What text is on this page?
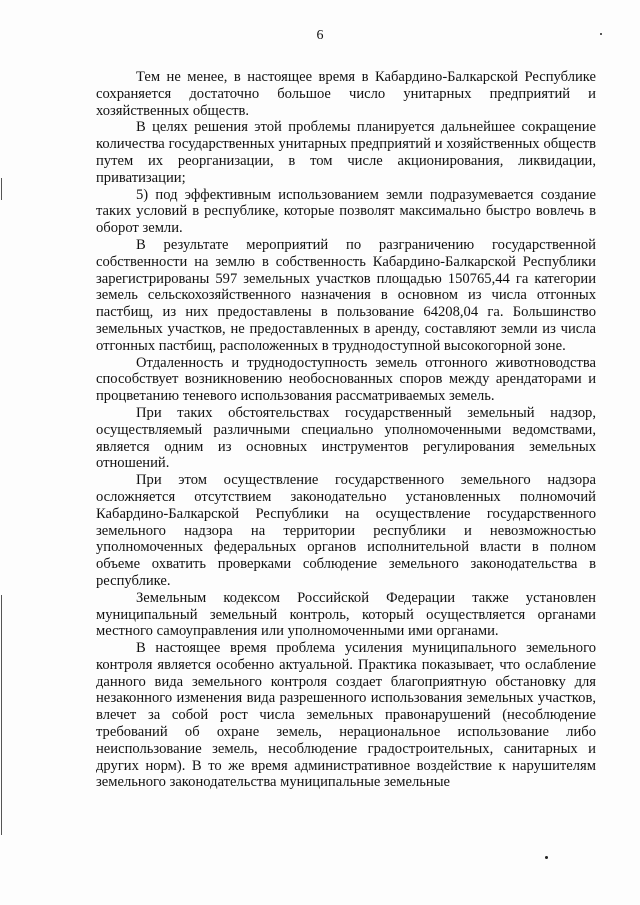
6

Тем не менее, в настоящее время в Кабардино-Балкарской Республике сохраняется достаточно большое число унитарных предприятий и хозяйственных обществ.

В целях решения этой проблемы планируется дальнейшее сокращение количества государственных унитарных предприятий и хозяйственных обществ путем их реорганизации, в том числе акционирования, ликвидации, приватизации;

5) под эффективным использованием земли подразумевается создание таких условий в республике, которые позволят максимально быстро вовлечь в оборот земли.

В результате мероприятий по разграничению государственной собственности на землю в собственность Кабардино-Балкарской Республики зарегистрированы 597 земельных участков площадью 150765,44 га категории земель сельскохозяйственного назначения в основном из числа отгонных пастбищ, из них предоставлены в пользование 64208,04 га. Большинство земельных участков, не предоставленных в аренду, составляют земли из числа отгонных пастбищ, расположенных в труднодоступной высокогорной зоне.

Отдаленность и труднодоступность земель отгонного животноводства способствует возникновению необоснованных споров между арендаторами и процветанию теневого использования рассматриваемых земель.

При таких обстоятельствах государственный земельный надзор, осуществляемый различными специально уполномоченными ведомствами, является одним из основных инструментов регулирования земельных отношений.

При этом осуществление государственного земельного надзора осложняется отсутствием законодательно установленных полномочий Кабардино-Балкарской Республики на осуществление государственного земельного надзора на территории республики и невозможностью уполномоченных федеральных органов исполнительной власти в полном объеме охватить проверками соблюдение земельного законодательства в республике.

Земельным кодексом Российской Федерации также установлен муниципальный земельный контроль, который осуществляется органами местного самоуправления или уполномоченными ими органами.

В настоящее время проблема усиления муниципального земельного контроля является особенно актуальной. Практика показывает, что ослабление данного вида земельного контроля создает благоприятную обстановку для незаконного изменения вида разрешенного использования земельных участков, влечет за собой рост числа земельных правонарушений (несоблюдение требований об охране земель, нерациональное использование либо неиспользование земель, несоблюдение градостроительных, санитарных и других норм). В то же время административное воздействие к нарушителям земельного законодательства муниципальные земельные
